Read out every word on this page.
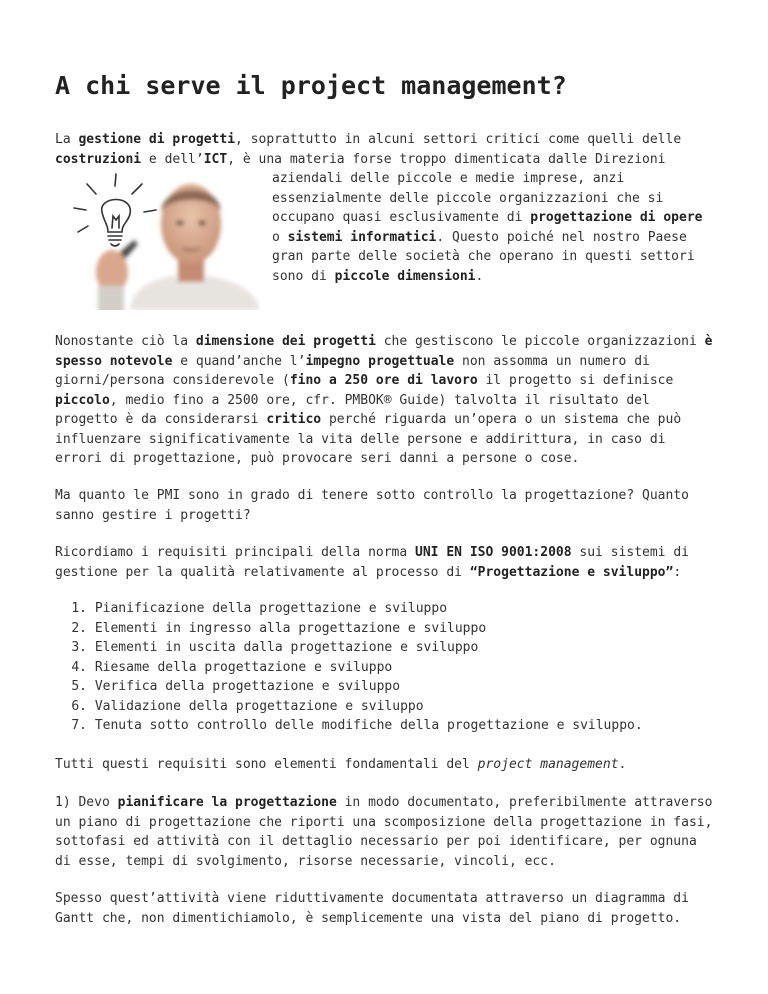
A chi serve il project management?
La gestione di progetti, soprattutto in alcuni settori critici come quelli delle
costruzioni e dell’ICT, è una materia forse troppo dimenticata dalle Direzioni
aziendali delle piccole e medie imprese, anzi
essenzialmente delle piccole organizzazioni che si
occupano quasi esclusivamente di progettazione di opere
o sistemi informatici. Questo poiché nel nostro Paese
gran parte delle società che operano in questi settori
sono di piccole dimensioni.
Nonostante ciò la dimensione dei progetti che gestiscono le piccole organizzazioni è
spesso notevole e quand’anche l’impegno progettuale non assomma un numero di
giorni/persona considerevole (fino a 250 ore di lavoro il progetto si definisce
piccolo, medio fino a 2500 ore, cfr. PMBOK® Guide) talvolta il risultato del
progetto è da considerarsi critico perché riguarda un’opera o un sistema che può
influenzare significativamente la vita delle persone e addirittura, in caso di
errori di progettazione, può provocare seri danni a persone o cose.
Ma quanto le PMI sono in grado di tenere sotto controllo la progettazione? Quanto
sanno gestire i progetti?
Ricordiamo i requisiti principali della norma UNI EN ISO 9001:2008 sui sistemi di
gestione per la qualità relativamente al processo di “Progettazione e sviluppo”:
1. Pianificazione della progettazione e sviluppo
2. Elementi in ingresso alla progettazione e sviluppo
3. Elementi in uscita dalla progettazione e sviluppo
4. Riesame della progettazione e sviluppo
5. Verifica della progettazione e sviluppo
6. Validazione della progettazione e sviluppo
7. Tenuta sotto controllo delle modifiche della progettazione e sviluppo.
Tutti questi requisiti sono elementi fondamentali del project management.
1) Devo pianificare la progettazione in modo documentato, preferibilmente attraverso
un piano di progettazione che riporti una scomposizione della progettazione in fasi,
sottofasi ed attività con il dettaglio necessario per poi identificare, per ognuna
di esse, tempi di svolgimento, risorse necessarie, vincoli, ecc.
Spesso quest’attività viene riduttivamente documentata attraverso un diagramma di
Gantt che, non dimentichiamolo, è semplicemente una vista del piano di progetto.
